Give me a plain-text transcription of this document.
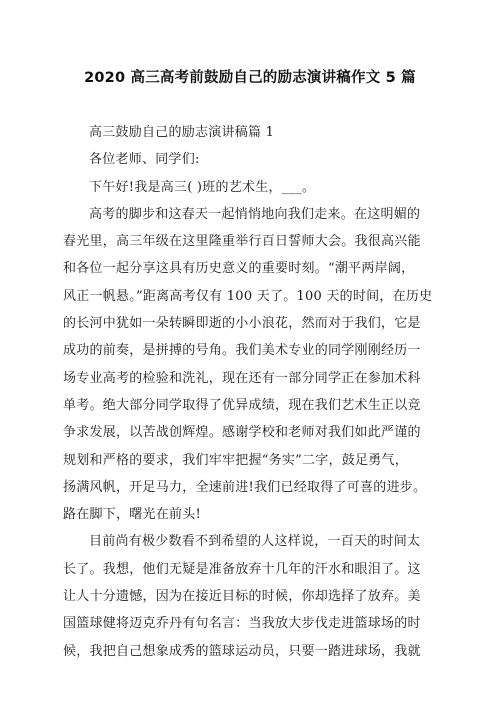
2020 高三高考前鼓励自己的励志演讲稿作文 5 篇
高三鼓励自己的励志演讲稿篇 1
各位老师、同学们:
下午好!我是高三( )班的艺术生，___。
高考的脚步和这春天一起悄悄地向我们走来。在这明媚的
春光里，高三年级在这里隆重举行百日誓师大会。我很高兴能
和各位一起分享这具有历史意义的重要时刻。“潮平两岸阔，
风正一帆悬。”距离高考仅有 100 天了。100 天的时间，在历史
的长河中犹如一朵转瞬即逝的小小浪花，然而对于我们，它是
成功的前奏，是拼搏的号角。我们美术专业的同学刚刚经历一
场专业高考的检验和洗礼，现在还有一部分同学正在参加术科
单考。绝大部分同学取得了优异成绩，现在我们艺术生正以竞
争求发展，以苦战创辉煌。感谢学校和老师对我们如此严谨的
规划和严格的要求，我们牢牢把握“务实”二字，鼓足勇气，
扬满风帆，开足马力，全速前进!我们已经取得了可喜的进步。
路在脚下，曙光在前头!
目前尚有极少数看不到希望的人这样说，一百天的时间太
长了。我想，他们无疑是准备放弃十几年的汗水和眼泪了。这
让人十分遗憾，因为在接近目标的时候，你却选择了放弃。美
国篮球健将迈克乔丹有句名言：当我放大步伐走进篮球场的时
候，我把自己想象成秀的篮球运动员，只要一踏进球场，我就
